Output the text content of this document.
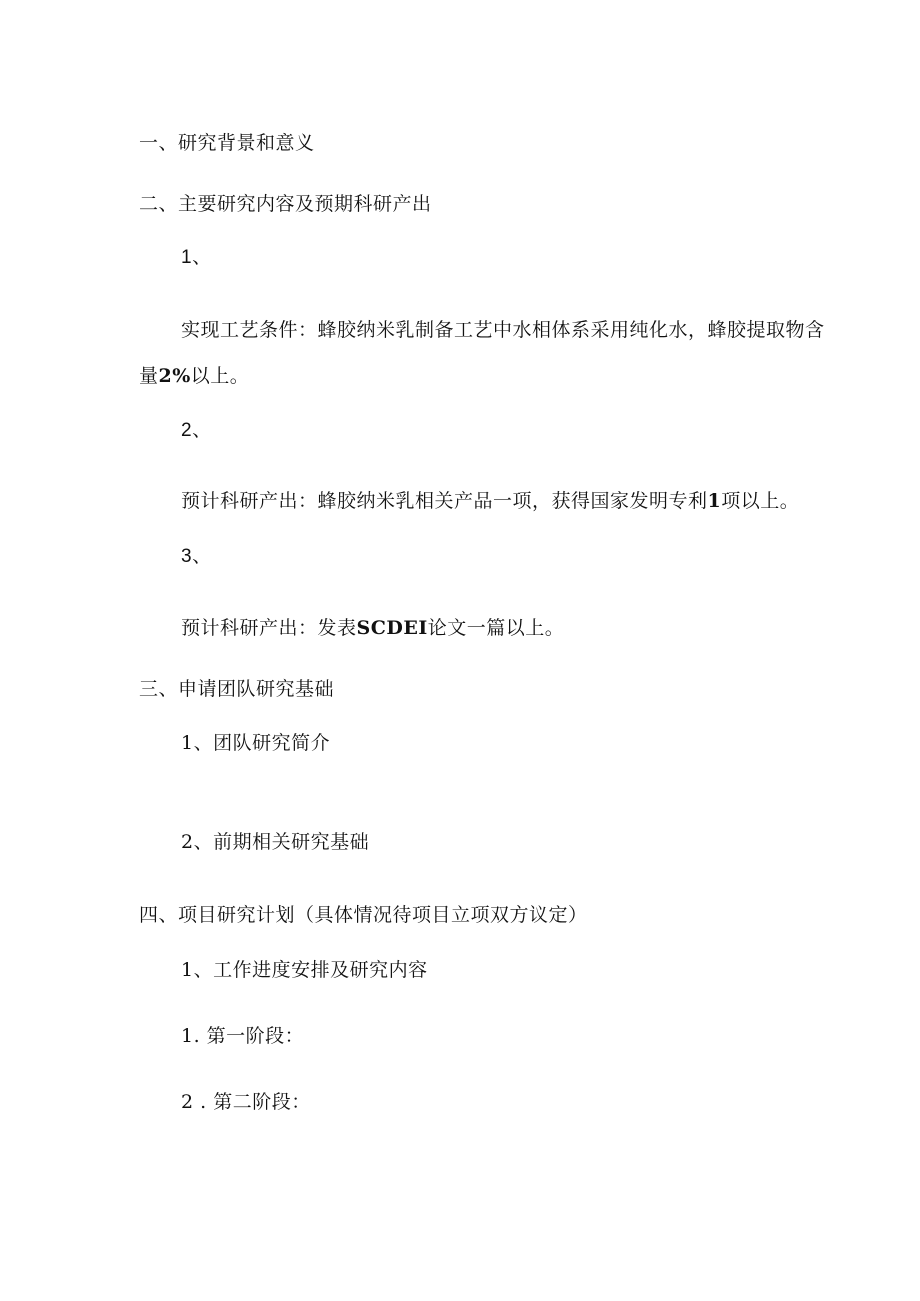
一、研究背景和意义
二、主要研究内容及预期科研产出
1、
实现工艺条件：蜂胶纳米乳制备工艺中水相体系采用纯化水，蜂胶提取物含量2%以上。
2、
预计科研产出：蜂胶纳米乳相关产品一项，获得国家发明专利1项以上。
3、
预计科研产出：发表SCDEI论文一篇以上。
三、申请团队研究基础
1、团队研究简介
2、前期相关研究基础
四、项目研究计划（具体情况待项目立项双方议定）
1、工作进度安排及研究内容
1. 第一阶段：
2 . 第二阶段：
